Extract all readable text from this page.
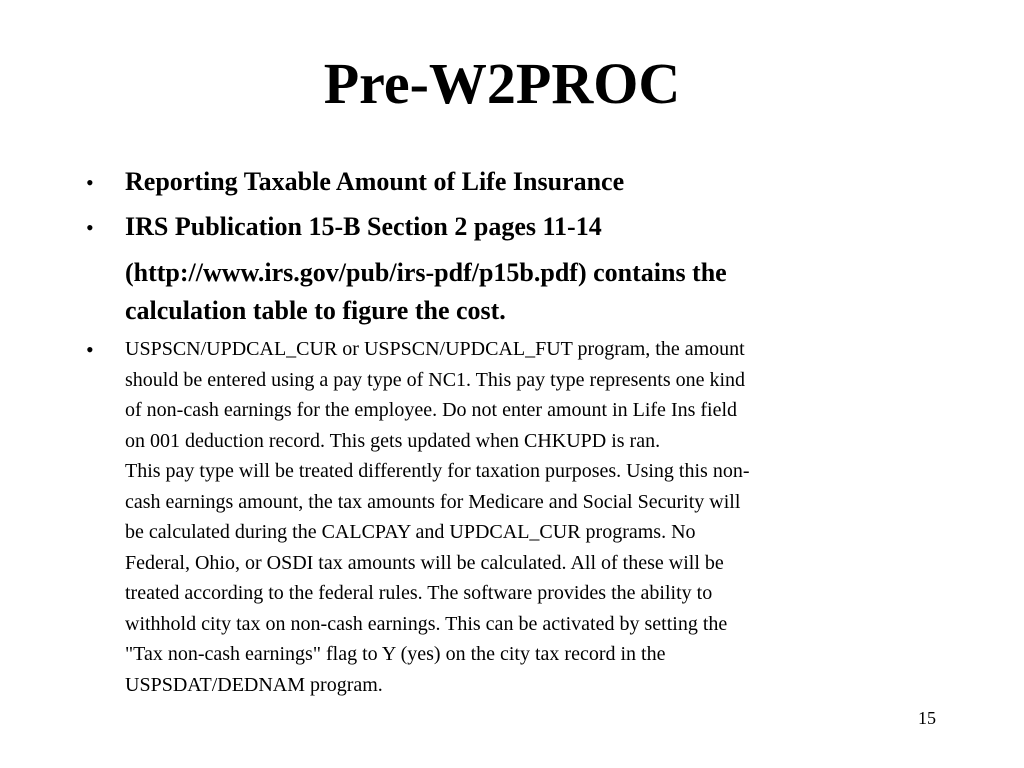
Pre-W2PROC
• Reporting Taxable Amount of Life Insurance

• IRS Publication 15-B Section 2 pages 11-14
(http://www.irs.gov/pub/irs-pdf/p15b.pdf) contains the
calculation table to figure the cost.

• USPSCN/UPDCAL_CUR or USPSCN/UPDCAL_FUT program, the amount
should be entered using a pay type of NC1. This pay type represents one kind
of non-cash earnings for the employee. Do not enter amount in Life Ins field
on 001 deduction record. This gets updated when CHKUPD is ran.
This pay type will be treated differently for taxation purposes. Using this non-
cash earnings amount, the tax amounts for Medicare and Social Security will
be calculated during the CALCPAY and UPDCAL_CUR programs. No
Federal, Ohio, or OSDI tax amounts will be calculated. All of these will be
treated according to the federal rules. The software provides the ability to
withhold city tax on non-cash earnings. This can be activated by setting the
"Tax non-cash earnings" flag to Y (yes) on the city tax record in the
USPSDAT/DEDNAM program.

15
